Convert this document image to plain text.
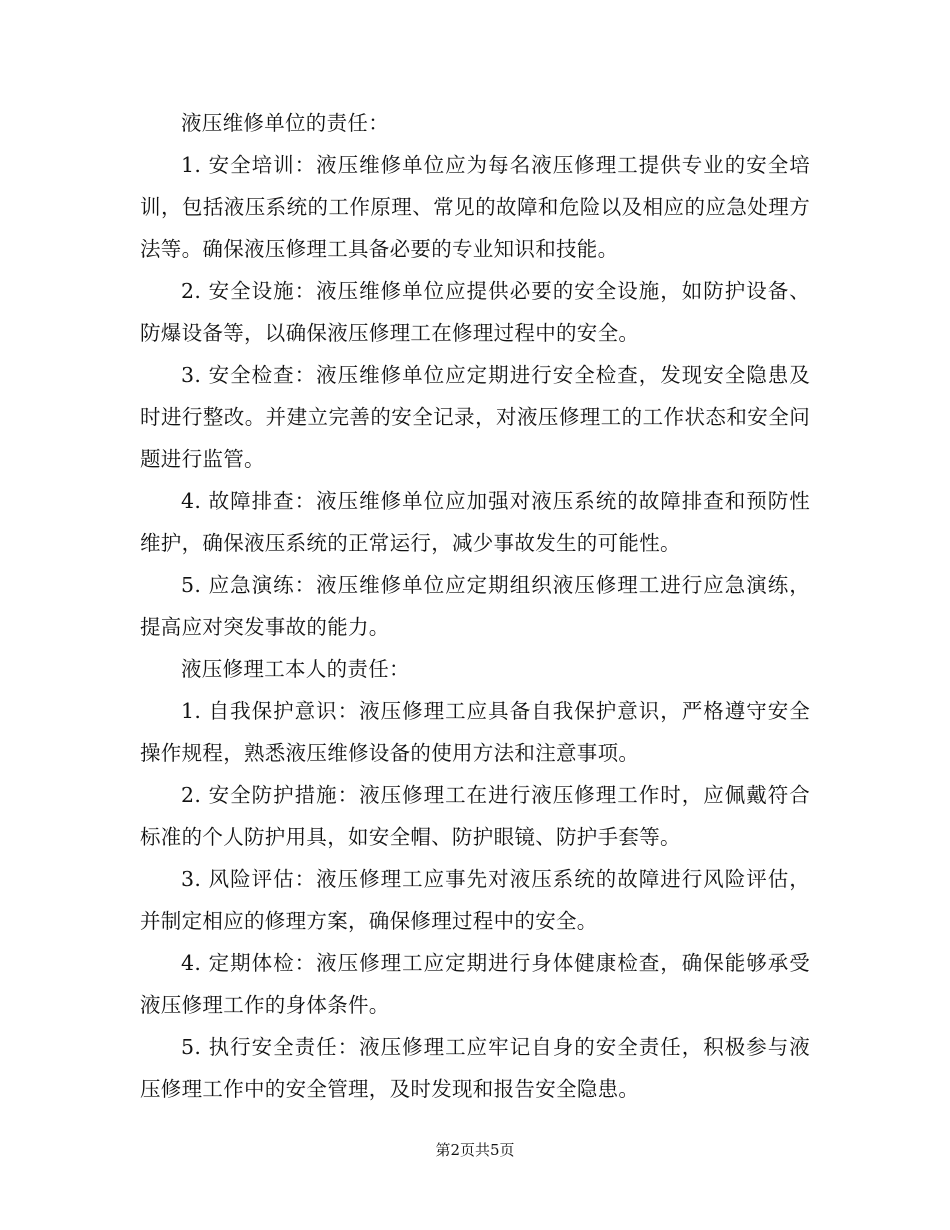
液压维修单位的责任：

1. 安全培训：液压维修单位应为每名液压修理工提供专业的安全培训，包括液压系统的工作原理、常见的故障和危险以及相应的应急处理方法等。确保液压修理工具备必要的专业知识和技能。

2. 安全设施：液压维修单位应提供必要的安全设施，如防护设备、防爆设备等，以确保液压修理工在修理过程中的安全。

3. 安全检查：液压维修单位应定期进行安全检查，发现安全隐患及时进行整改。并建立完善的安全记录，对液压修理工的工作状态和安全问题进行监管。

4. 故障排查：液压维修单位应加强对液压系统的故障排查和预防性维护，确保液压系统的正常运行，减少事故发生的可能性。

5. 应急演练：液压维修单位应定期组织液压修理工进行应急演练，提高应对突发事故的能力。

液压修理工本人的责任：

1. 自我保护意识：液压修理工应具备自我保护意识，严格遵守安全操作规程，熟悉液压维修设备的使用方法和注意事项。

2. 安全防护措施：液压修理工在进行液压修理工作时，应佩戴符合标准的个人防护用具，如安全帽、防护眼镜、防护手套等。

3. 风险评估：液压修理工应事先对液压系统的故障进行风险评估，并制定相应的修理方案，确保修理过程中的安全。

4. 定期体检：液压修理工应定期进行身体健康检查，确保能够承受液压修理工作的身体条件。

5. 执行安全责任：液压修理工应牢记自身的安全责任，积极参与液压修理工作中的安全管理，及时发现和报告安全隐患。

第2页共5页
